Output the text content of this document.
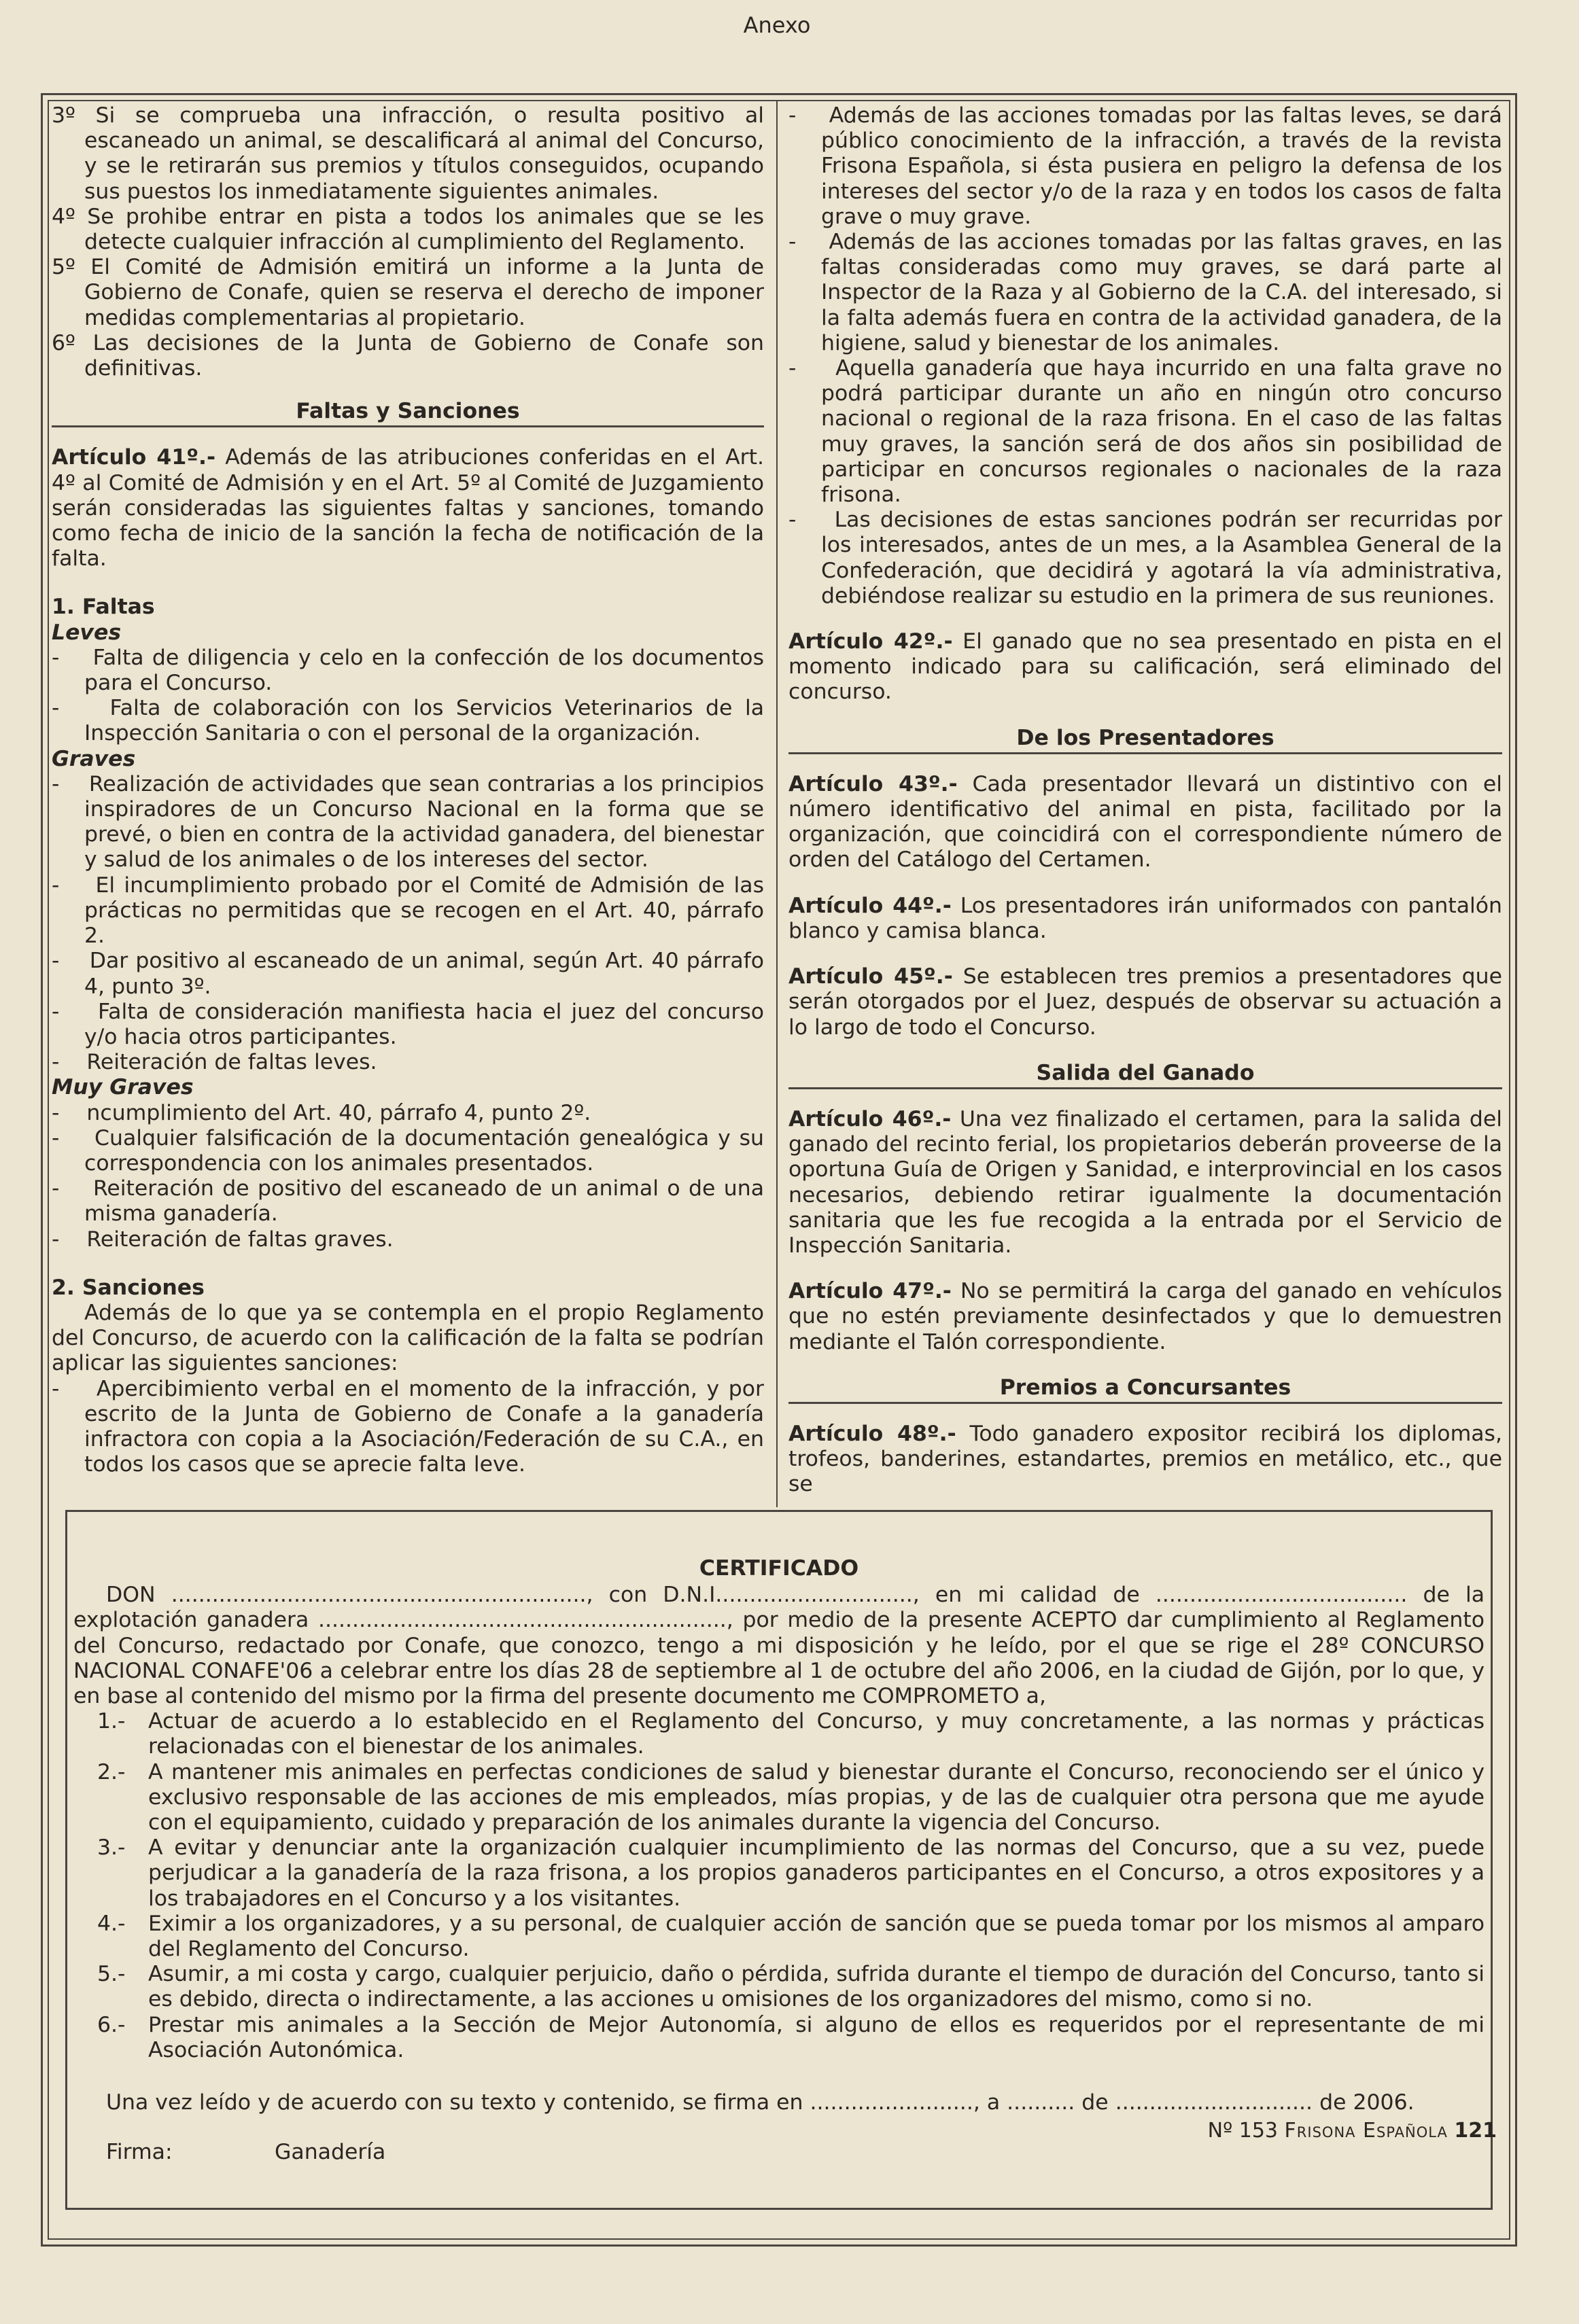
3º Si se comprueba una infracción, o resulta positivo al escaneado un animal, se descalificará al animal del Concurso, y se le retirarán sus premios y títulos conseguidos, ocupando sus puestos los inmediatamente siguientes animales.

4º Se prohibe entrar en pista a todos los animales que se les detecte cualquier infracción al cumplimiento del Reglamento.

5º El Comité de Admisión emitirá un informe a la Junta de Gobierno de Conafe, quien se reserva el derecho de imponer medidas complementarias al propietario.

6º Las decisiones de la Junta de Gobierno de Conafe son definitivas.

Faltas y Sanciones

Artículo 41º.- Además de las atribuciones conferidas en el Art. 4º al Comité de Admisión y en el Art. 5º al Comité de Juzgamiento serán consideradas las siguientes faltas y sanciones, tomando como fecha de inicio de la sanción la fecha de notificación de la falta.

1. Faltas
Leves

-    Falta de diligencia y celo en la confección de los documentos para el Concurso.

-    Falta de colaboración con los Servicios Veterinarios de la Inspección Sanitaria o con el personal de la organización.

Graves

-    Realización de actividades que sean contrarias a los principios inspiradores de un Concurso Nacional en la forma que se prevé, o bien en contra de la actividad ganadera, del bienestar y salud de los animales o de los intereses del sector.

-    El incumplimiento probado por el Comité de Admisión de las prácticas no permitidas que se recogen en el Art. 40, párrafo 2.

-    Dar positivo al escaneado de un animal, según Art. 40 párrafo 4, punto 3º.

-    Falta de consideración manifiesta hacia el juez del concurso y/o hacia otros participantes.

-    Reiteración de faltas leves.

Muy Graves

-    ncumplimiento del Art. 40, párrafo 4, punto 2º.

-    Cualquier falsificación de la documentación genealógica y su correspondencia con los animales presentados.

-    Reiteración de positivo del escaneado de un animal o de una misma ganadería.

-    Reiteración de faltas graves.

2. Sanciones

Además de lo que ya se contempla en el propio Reglamento del Concurso, de acuerdo con la calificación de la falta se podrían aplicar las siguientes sanciones:

-    Apercibimiento verbal en el momento de la infracción, y por escrito de la Junta de Gobierno de Conafe a la ganadería infractora con copia a la Asociación/Federación de su C.A., en todos los casos que se aprecie falta leve.

-    Además de las acciones tomadas por las faltas leves, se dará público conocimiento de la infracción, a través de la revista Frisona Española, si ésta pusiera en peligro la defensa de los intereses del sector y/o de la raza y en todos los casos de falta grave o muy grave.

-    Además de las acciones tomadas por las faltas graves, en las faltas consideradas como muy graves, se dará parte al Inspector de la Raza y al Gobierno de la C.A. del interesado, si la falta además fuera en contra de la actividad ganadera, de la higiene, salud y bienestar de los animales.

-    Aquella ganadería que haya incurrido en una falta grave no podrá participar durante un año en ningún otro concurso nacional o regional de la raza frisona. En el caso de las faltas muy graves, la sanción será de dos años sin posibilidad de participar en concursos regionales o nacionales de la raza frisona.

-    Las decisiones de estas sanciones podrán ser recurridas por los interesados, antes de un mes, a la Asamblea General de la Confederación, que decidirá y agotará la vía administrativa, debiéndose realizar su estudio en la primera de sus reuniones.

Artículo 42º.- El ganado que no sea presentado en pista en el momento indicado para su calificación, será eliminado del concurso.

De los Presentadores

Artículo 43º.- Cada presentador llevará un distintivo con el número identificativo del animal en pista, facilitado por la organización, que coincidirá con el correspondiente número de orden del Catálogo del Certamen.

Artículo 44º.- Los presentadores irán uniformados con pantalón blanco y camisa blanca.

Artículo 45º.- Se establecen tres premios a presentadores que serán otorgados por el Juez, después de observar su actuación a lo largo de todo el Concurso.

Salida del Ganado

Artículo 46º.- Una vez finalizado el certamen, para la salida del ganado del recinto ferial, los propietarios deberán proveerse de la oportuna Guía de Origen y Sanidad, e interprovincial en los casos necesarios, debiendo retirar igualmente la documentación sanitaria que les fue recogida a la entrada por el Servicio de Inspección Sanitaria.

Artículo 47º.- No se permitirá la carga del ganado en vehículos que no estén previamente desinfectados y que lo demuestren mediante el Talón correspondiente.

Premios a Concursantes

Artículo 48º.- Todo ganadero expositor recibirá los diplomas, trofeos, banderines, estandartes, premios en metálico, etc., que se

Anexo
CERTIFICADO

DON ............................................................., con D.N.I............................., en mi calidad de ..................................... de la explotación ganadera ............................................................, por medio de la presente ACEPTO dar cumplimiento al Reglamento del Concurso, redactado por Conafe, que conozco, tengo a mi disposición y he leído, por el que se rige el 28º CONCURSO NACIONAL CONAFE'06 a celebrar entre los días 28 de septiembre al 1 de octubre del año 2006, en la ciudad de Gijón, por lo que, y en base al contenido del mismo por la firma del presente documento me COMPROMETO a,

1.- Actuar de acuerdo a lo establecido en el Reglamento del Concurso, y muy concretamente, a las normas y prácticas relacionadas con el bienestar de los animales.
2.- A mantener mis animales en perfectas condiciones de salud y bienestar durante el Concurso, reconociendo ser el único y exclusivo responsable de las acciones de mis empleados, mías propias, y de las de cualquier otra persona que me ayude con el equipamiento, cuidado y preparación de los animales durante la vigencia del Concurso.
3.- A evitar y denunciar ante la organización cualquier incumplimiento de las normas del Concurso, que a su vez, puede perjudicar a la ganadería de la raza frisona, a los propios ganaderos participantes en el Concurso, a otros expositores y a los trabajadores en el Concurso y a los visitantes.
4.- Eximir a los organizadores, y a su personal, de cualquier acción de sanción que se pueda tomar por los mismos al amparo del Reglamento del Concurso.
5.- Asumir, a mi costa y cargo, cualquier perjuicio, daño o pérdida, sufrida durante el tiempo de duración del Concurso, tanto si es debido, directa o indirectamente, a las acciones u omisiones de los organizadores del mismo, como si no.
6.- Prestar mis animales a la Sección de Mejor Autonomía, si alguno de ellos es requeridos por el representante de mi Asociación Autonómica.

Una vez leído y de acuerdo con su texto y contenido, se firma en ........................, a .......... de ............................. de 2006.

Firma:	Ganadería

Nº 153 Frisona Española 121
